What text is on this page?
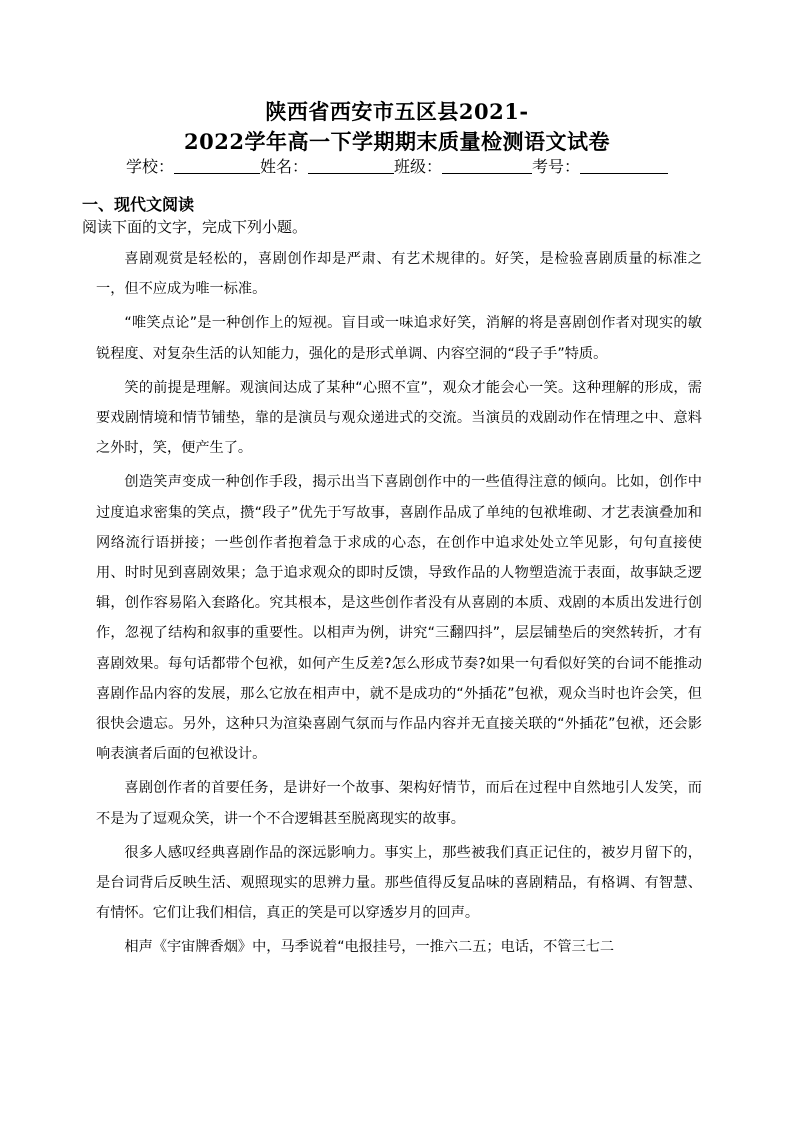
陕西省西安市五区县2021-
2022学年高一下学期期末质量检测语文试卷
学校：	姓名：	班级：	考号：
一、现代文阅读
阅读下面的文字，完成下列小题。

喜剧观赏是轻松的，喜剧创作却是严肃、有艺术规律的。好笑，是检验喜剧质量的标准之一，但不应成为唯一标准。

“唯笑点论”是一种创作上的短视。盲目或一味追求好笑，消解的将是喜剧创作者对现实的敏锐程度、对复杂生活的认知能力，强化的是形式单调、内容空洞的“段子手”特质。

笑的前提是理解。观演间达成了某种“心照不宣”，观众才能会心一笑。这种理解的形成，需要戏剧情境和情节铺垫，靠的是演员与观众递进式的交流。当演员的戏剧动作在情理之中、意料之外时，笑，便产生了。

创造笑声变成一种创作手段，揭示出当下喜剧创作中的一些值得注意的倾向。比如，创作中过度追求密集的笑点，攒“段子”优先于写故事，喜剧作品成了单纯的包袱堆砌、才艺表演叠加和网络流行语拼接；一些创作者抱着急于求成的心态，在创作中追求处处立竿见影，句句直接使用、时时见到喜剧效果；急于追求观众的即时反馈，导致作品的人物塑造流于表面，故事缺乏逻辑，创作容易陷入套路化。究其根本，是这些创作者没有从喜剧的本质、戏剧的本质出发进行创作，忽视了结构和叙事的重要性。以相声为例，讲究“三翻四抖”，层层铺垫后的突然转折，才有喜剧效果。每句话都带个包袱，如何产生反差?怎么形成节奏?如果一句看似好笑的台词不能推动喜剧作品内容的发展，那么它放在相声中，就不是成功的“外插花”包袱，观众当时也许会笑，但很快会遗忘。另外，这种只为渲染喜剧气氛而与作品内容并无直接关联的“外插花”包袱，还会影响表演者后面的包袱设计。

喜剧创作者的首要任务，是讲好一个故事、架构好情节，而后在过程中自然地引人发笑，而不是为了逗观众笑，讲一个不合逻辑甚至脱离现实的故事。

很多人感叹经典喜剧作品的深远影响力。事实上，那些被我们真正记住的，被岁月留下的，是台词背后反映生活、观照现实的思辨力量。那些值得反复品味的喜剧精品，有格调、有智慧、有情怀。它们让我们相信，真正的笑是可以穿透岁月的回声。

相声《宇宙牌香烟》中，马季说着“电报挂号，一推六二五；电话，不管三七二
